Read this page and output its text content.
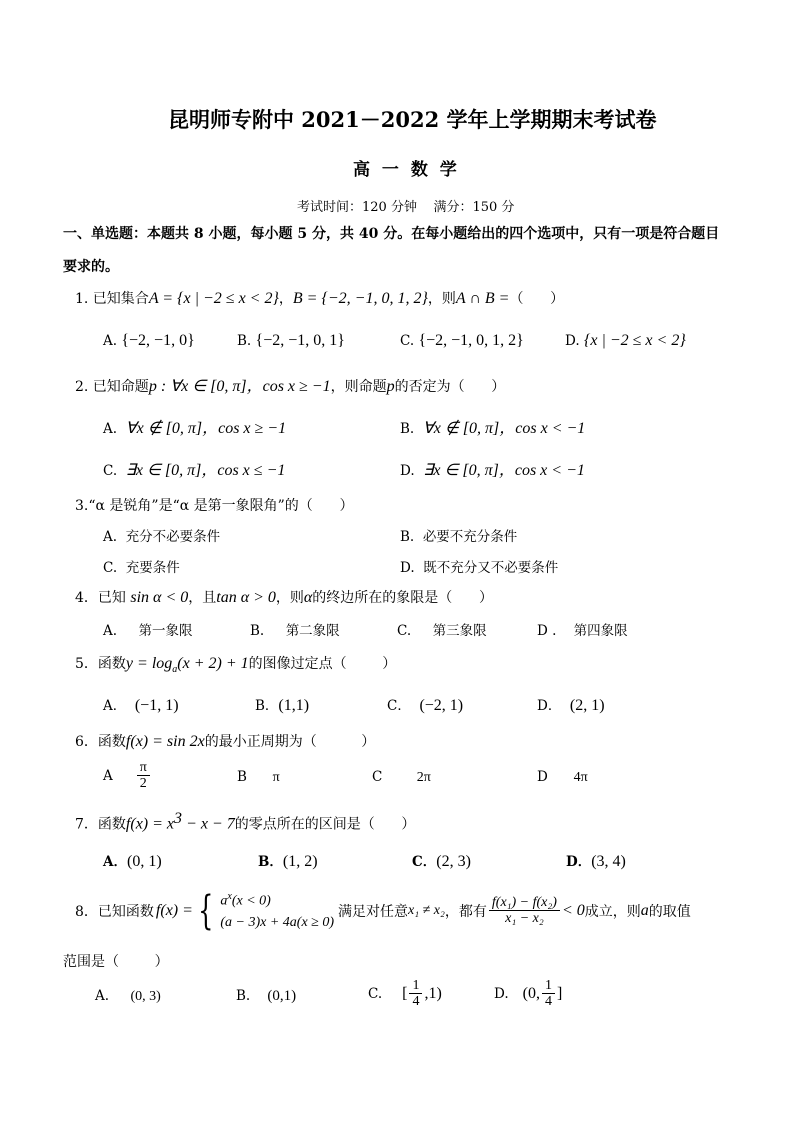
昆明师专附中 2021－2022 学年上学期期末考试卷
高 一 数 学
考试时间：120 分钟    满分：150 分
一、单选题：本题共 8 小题，每小题 5 分，共 40 分。在每小题给出的四个选项中，只有一项是符合题目
要求的。
1. 已知集合A = {x | −2 ≤ x < 2}，B = {−2, −1, 0, 1, 2}，则A ∩ B =（      ）
A. {−2, −1, 0}	B. {−2, −1, 0, 1}	C. {−2, −1, 0, 1, 2}	D. {x | −2 ≤ x < 2}
2. 已知命题p : ∀x ∈ [0, π]，cos x ≥ −1，则命题p的否定为（      ）
A. ∀x ∉ [0, π]，cos x ≥ −1	B. ∀x ∉ [0, π]，cos x < −1
C. ∃x ∈ [0, π]，cos x ≤ −1	D. ∃x ∈ [0, π]，cos x < −1
3.“α 是锐角”是“α 是第一象限角”的（      ）
A. 充分不必要条件	B. 必要不充分条件
C. 充要条件	D. 既不充分又不必要条件
4．已知 sin α < 0，且tan α > 0，则α的终边所在的象限是（      ）
A. 第一象限	B. 第二象限	C. 第三象限	D . 第四象限
5．函数$y = \log_a(x + 2) + 1$的图像过定点（        ）
A． (−1, 1)	B．(1,1)	C． (−2, 1)	D． (2, 1)
6．函数f(x) = sin 2x的最小正周期为（          ）
A $\frac{\pi}{2}$	B π	C 2π	D 4π
7．函数$f(x) = x^3 - x - 7$的零点所在的区间是（      ）
A．(0, 1)	B．(1, 2)	C．(2, 3)	D．(3, 4)
8．已知函数 f(x) = { $a^x(x < 0)$
(a − 3)x + 4a(x ≥ 0)
满足对任意 x₁ ≠ x₂ ，都有 $\frac{\text{f(x₁) − f(x₂)}}{\text{x₁ − x₂}} < 0$ 成立，则 a 的取值
范围是（        ）
A. (0, 3)	B. (0,1)	C. [ $\frac{1}{4} ,1$)	D. (0, $\frac{1}{4}$ ]
